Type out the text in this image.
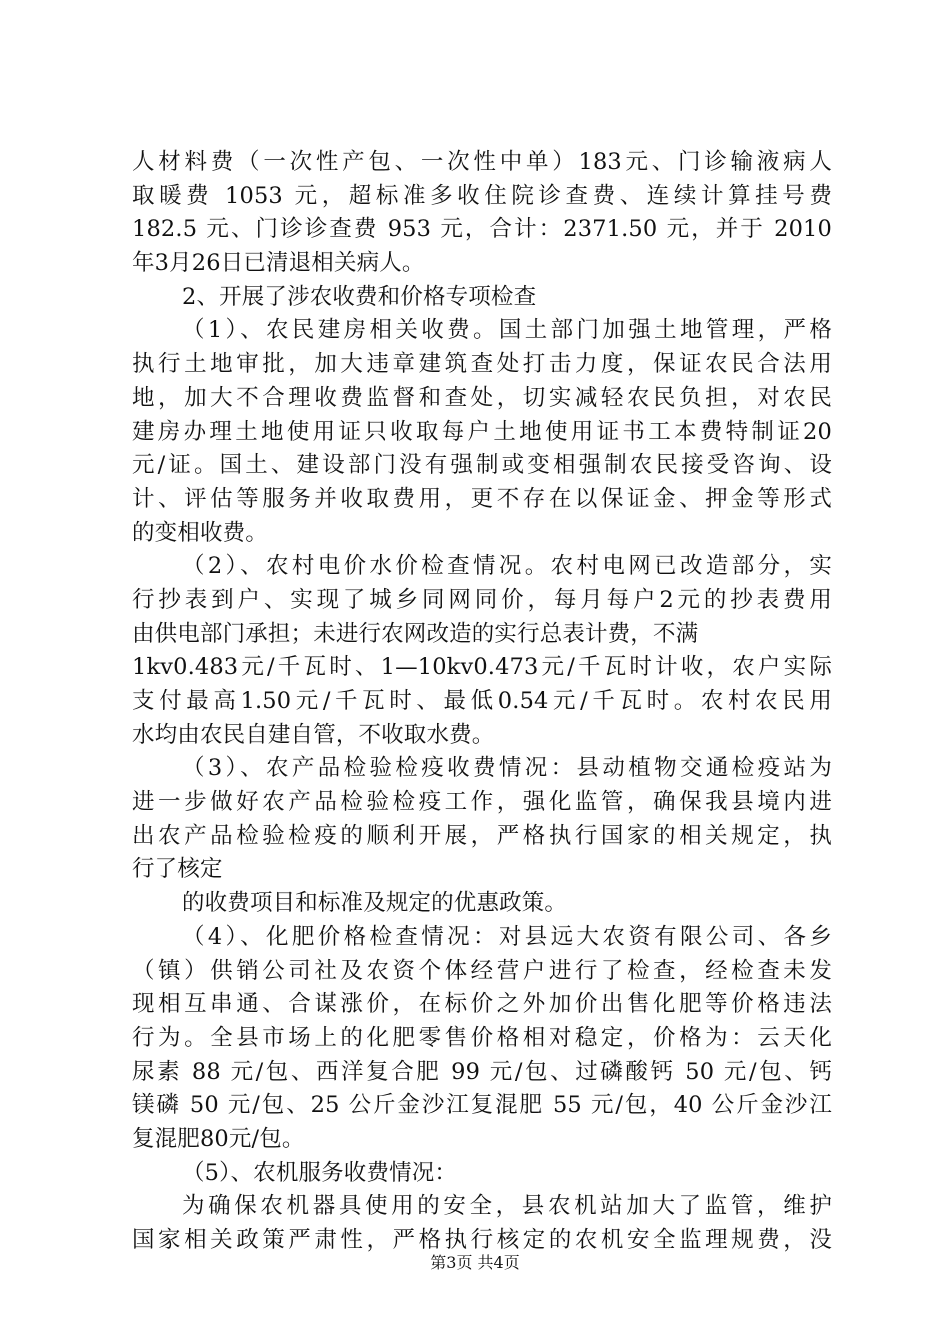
人材料费（一次性产包、一次性中单）183元、门诊输液病人
取暖费 1053 元，超标准多收住院诊查费、连续计算挂号费
182.5 元、门诊诊查费 953 元，合计：2371.50 元，并于 2010
年3月26日已清退相关病人。
2、开展了涉农收费和价格专项检查
（1）、农民建房相关收费。国土部门加强土地管理，严格
执行土地审批，加大违章建筑查处打击力度，保证农民合法用
地，加大不合理收费监督和查处，切实减轻农民负担，对农民
建房办理土地使用证只收取每户土地使用证书工本费特制证20
元/证。国土、建设部门没有强制或变相强制农民接受咨询、设
计、评估等服务并收取费用，更不存在以保证金、押金等形式
的变相收费。
（2）、农村电价水价检查情况。农村电网已改造部分，实
行抄表到户、实现了城乡同网同价，每月每户2元的抄表费用
由供电部门承担；未进行农网改造的实行总表计费，不满
1kv0.483元/千瓦时、1—10kv0.473元/千瓦时计收，农户实际
支付最高1.50元/千瓦时、最低0.54元/千瓦时。农村农民用
水均由农民自建自管，不收取水费。
（3）、农产品检验检疫收费情况：县动植物交通检疫站为
进一步做好农产品检验检疫工作，强化监管，确保我县境内进
出农产品检验检疫的顺利开展，严格执行国家的相关规定，执
行了核定
的收费项目和标准及规定的优惠政策。
（4）、化肥价格检查情况：对县远大农资有限公司、各乡
（镇）供销公司社及农资个体经营户进行了检查，经检查未发
现相互串通、合谋涨价，在标价之外加价出售化肥等价格违法
行为。全县市场上的化肥零售价格相对稳定，价格为：云天化
尿素 88 元/包、西洋复合肥 99 元/包、过磷酸钙 50 元/包、钙
镁磷 50 元/包、25 公斤金沙江复混肥 55 元/包，40 公斤金沙江
复混肥80元/包。
（5）、农机服务收费情况：
为确保农机器具使用的安全，县农机站加大了监管，维护
国家相关政策严肃性，严格执行核定的农机安全监理规费，没
第3页 共4页
